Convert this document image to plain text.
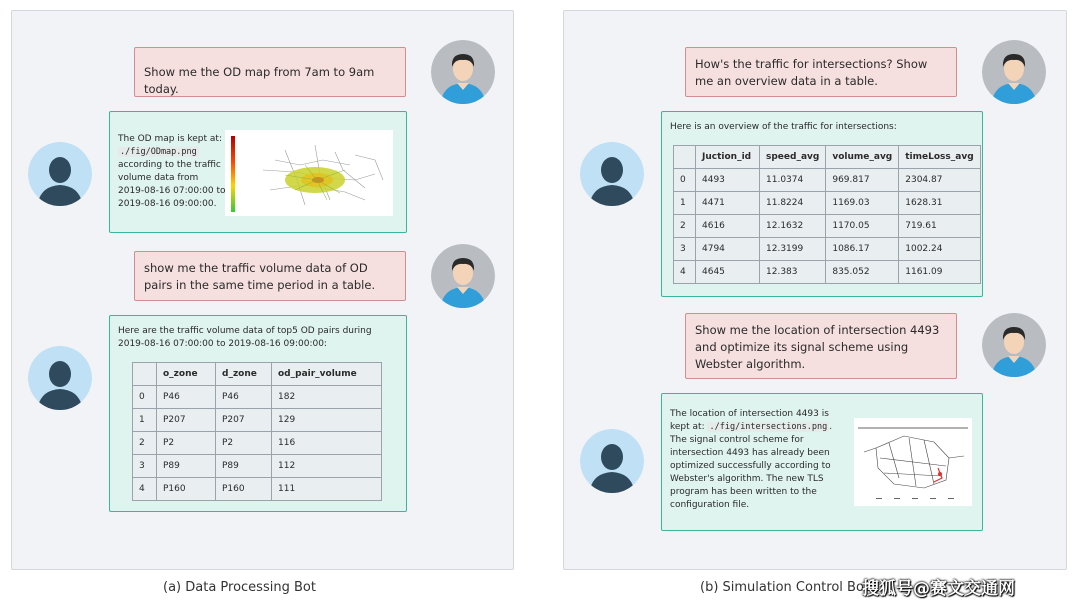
Show me the OD map from 7am to 9am today.
The OD map is kept at:
./fig/ODmap.png
according to the traffic
volume data from
2019-08-16 07:00:00 to
2019-08-16 09:00:00.
show me the traffic volume data of OD pairs in the same time period in a table.
Here are the traffic volume data of top5 OD pairs during 2019-08-16 07:00:00 to 2019-08-16 09:00:00:
	o_zone	d_zone	od_pair_volume
0	P46	P46	182
1	P207	P207	129
2	P2	P2	116
3	P89	P89	112
4	P160	P160	111
(a) Data Processing Bot
How's the traffic for intersections? Show me an overview data in a table.
Here is an overview of the traffic for intersections:
	Juction_id	speed_avg	volume_avg	timeLoss_avg
0	4493	11.0374	969.817	2304.87
1	4471	11.8224	1169.03	1628.31
2	4616	12.1632	1170.05	719.61
3	4794	12.3199	1086.17	1002.24
4	4645	12.383	835.052	1161.09
Show me the location of intersection 4493 and optimize its signal scheme using Webster algorithm.
The location of intersection 4493 is
kept at: ./fig/intersections.png .
The signal control scheme for
intersection 4493 has already been
optimized successfully according to
Webster's algorithm. The new TLS
program has been written to the
configuration file.
(b) Simulation Control Bot
搜狐号@赛文交通网
